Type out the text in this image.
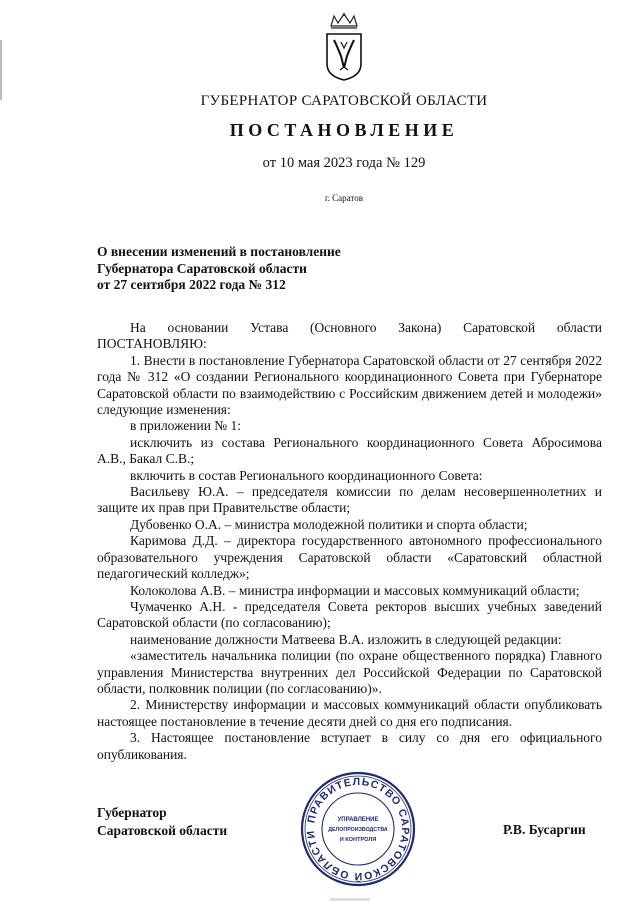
ГУБЕРНАТОР САРАТОВСКОЙ ОБЛАСТИ
ПОСТАНОВЛЕНИЕ
от 10 мая 2023 года № 129
г. Саратов
О внесении изменений в постановление
Губернатора Саратовской области
от 27 сентября 2022 года № 312

На основании Устава (Основного Закона) Саратовской области

ПОСТАНОВЛЯЮ:

1. Внести в постановление Губернатора Саратовской области от 27 сентября 2022 года № 312 «О создании Регионального координационного Совета при Губернаторе Саратовской области по взаимодействию с Российским движением детей и молодежи» следующие изменения:

в приложении № 1:

исключить из состава Регионального координационного Совета Абросимова А.В., Бакал С.В.;

включить в состав Регионального координационного Совета:

Васильеву Ю.А. – председателя комиссии по делам несовершеннолетних и защите их прав при Правительстве области;

Дубовенко О.А. – министра молодежной политики и спорта области;

Каримова Д.Д. – директора государственного автономного профессионального образовательного учреждения Саратовской области «Саратовский областной педагогический колледж»;

Колоколова А.В. – министра информации и массовых коммуникаций области;

Чумаченко А.Н. - председателя Совета ректоров высших учебных заведений Саратовской области (по согласованию);

наименование должности Матвеева В.А. изложить в следующей редакции:

«заместитель начальника полиции (по охране общественного порядка) Главного управления Министерства внутренних дел Российской Федерации по Саратовской области, полковник полиции (по согласованию)».

2. Министерству информации и массовых коммуникаций области опубликовать настоящее постановление в течение десяти дней со дня его подписания.

3. Настоящее постановление вступает в силу со дня его официального опубликования.

Губернатор
Саратовской области	Р.В. Бусаргин
ПРАВИТЕЛЬСТВО САРАТОВСКОЙ ОБЛАСТИ
УПРАВЛЕНИЕ
ДЕЛОПРОИЗВОДСТВА
И КОНТРОЛЯ
